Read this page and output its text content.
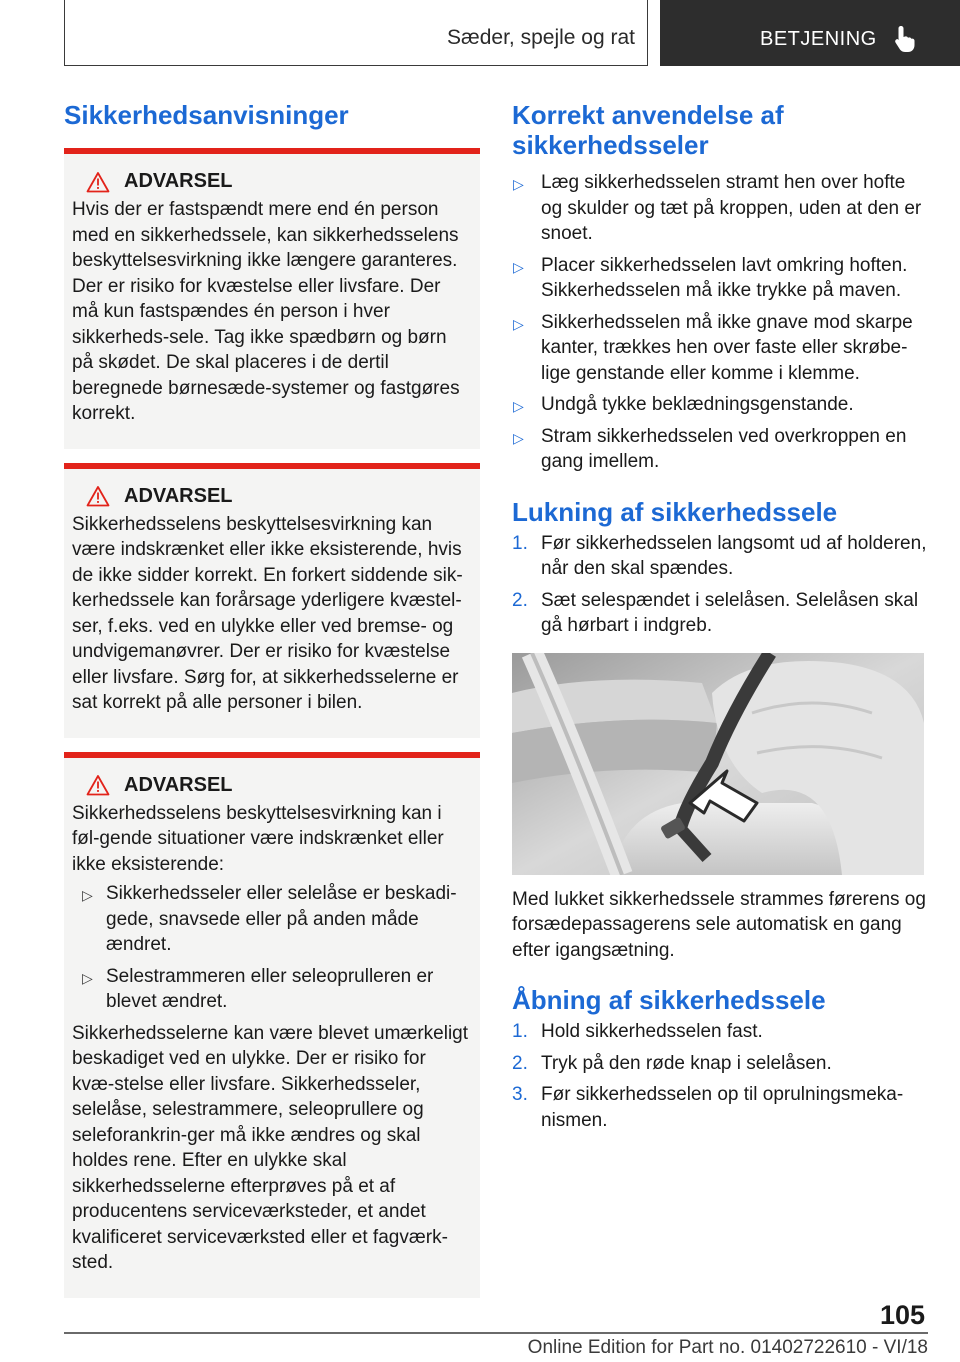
Sæder, spejle og rat	BETJENING
Sikkerhedsanvisninger
ADVARSEL

Hvis der er fastspændt mere end én person med en sikkerhedssele, kan sikkerhedsselens beskyttelsesvirkning ikke længere garanteres. Der er risiko for kvæstelse eller livsfare. Der må kun fastspændes én person i hver sikkerheds-sele. Tag ikke spædbørn og børn på skødet. De skal placeres i de dertil beregnede børnesæde-systemer og fastgøres korrekt.

ADVARSEL

Sikkerhedsselens beskyttelsesvirkning kan være indskrænket eller ikke eksisterende, hvis de ikke sidder korrekt. En forkert siddende sik-kerhedssele kan forårsage yderligere kvæstel-ser, f.eks. ved en ulykke eller ved bremse- og undvigemanøvrer. Der er risiko for kvæstelse eller livsfare. Sørg for, at sikkerhedsselerne er sat korrekt på alle personer i bilen.

ADVARSEL

Sikkerhedsselens beskyttelsesvirkning kan i føl-gende situationer være indskrænket eller ikke eksisterende:

▷ Sikkerhedsseler eller selelåse er beskadi-gede, snavsede eller på anden måde ændret.
▷ Selestrammeren eller seleoprulleren er blevet ændret.

Sikkerhedsselerne kan være blevet umærkeligt beskadiget ved en ulykke. Der er risiko for kvæ-stelse eller livsfare. Sikkerhedsseler, selelåse, selestrammere, seleoprullere og seleforankrin-ger må ikke ændres og skal holdes rene. Efter en ulykke skal sikkerhedsselerne efterprøves på et af producentens serviceværksteder, et andet kvalificeret serviceværksted eller et fagværk-sted.

Korrekt anvendelse af sikkerhedsseler
▷ Læg sikkerhedsselen stramt hen over hofte og skulder og tæt på kroppen, uden at den er snoet.
▷ Placer sikkerhedsselen lavt omkring hoften. Sikkerhedsselen må ikke trykke på maven.
▷ Sikkerhedsselen må ikke gnave mod skarpe kanter, trækkes hen over faste eller skrøbe-lige genstande eller komme i klemme.
▷ Undgå tykke beklædningsgenstande.
▷ Stram sikkerhedsselen ved overkroppen en gang imellem.
Lukning af sikkerhedssele
1. Før sikkerhedsselen langsomt ud af holderen, når den skal spændes.
2. Sæt selespændet i selelåsen. Selelåsen skal gå hørbart i indgreb.

Med lukket sikkerhedssele strammes førerens og forsædepassagerens sele automatisk en gang efter igangsætning.

Åbning af sikkerhedssele
1. Hold sikkerhedsselen fast.
2. Tryk på den røde knap i selelåsen.
3. Før sikkerhedsselen op til oprulningsmeka-nismen.
105
Online Edition for Part no. 01402722610 - VI/18
